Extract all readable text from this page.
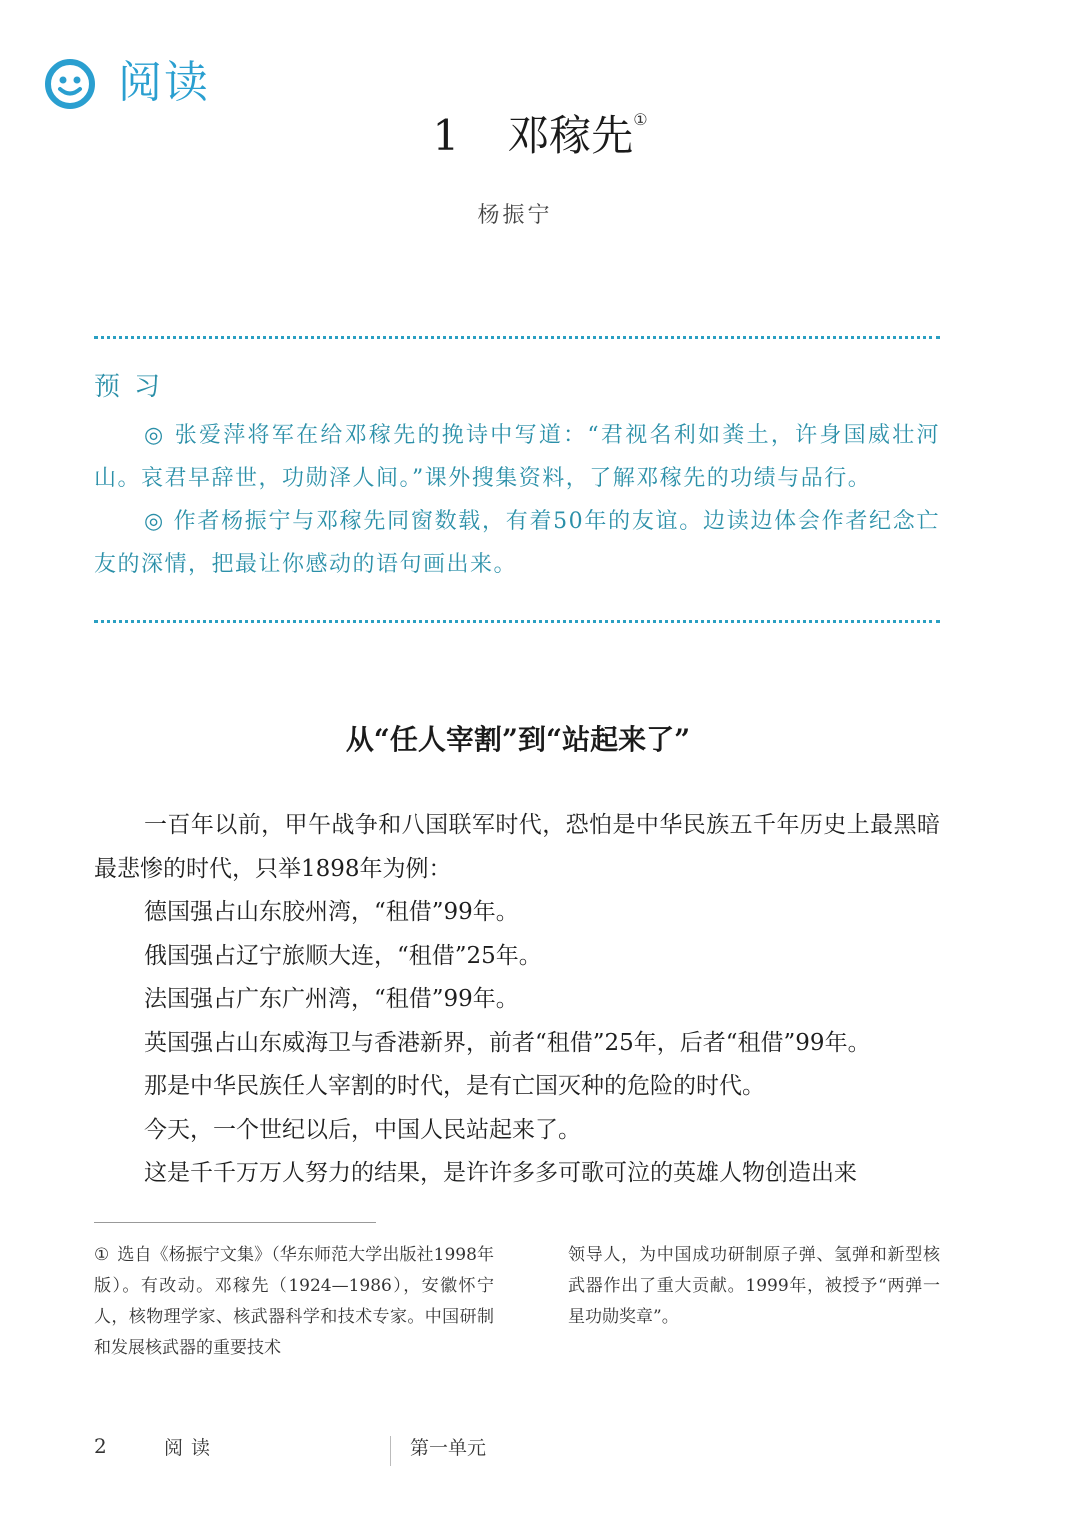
阅读
1 邓稼先①
杨振宁
预习
◎ 张爱萍将军在给邓稼先的挽诗中写道：“君视名利如粪土，许身国威壮河山。哀君早辞世，功勋泽人间。”课外搜集资料，了解邓稼先的功绩与品行。
◎ 作者杨振宁与邓稼先同窗数载，有着50年的友谊。边读边体会作者纪念亡友的深情，把最让你感动的语句画出来。
从“任人宰割”到“站起来了”

一百年以前，甲午战争和八国联军时代，恐怕是中华民族五千年历史上最黑暗最悲惨的时代，只举1898年为例：

德国强占山东胶州湾，“租借”99年。

俄国强占辽宁旅顺大连，“租借”25年。

法国强占广东广州湾，“租借”99年。

英国强占山东威海卫与香港新界，前者“租借”25年，后者“租借”99年。

那是中华民族任人宰割的时代，是有亡国灭种的危险的时代。

今天，一个世纪以后，中国人民站起来了。

这是千千万万人努力的结果，是许许多多可歌可泣的英雄人物创造出来

① 选自《杨振宁文集》（华东师范大学出版社1998年版）。有改动。邓稼先（1924—1986），安徽怀宁人，核物理学家、核武器科学和技术专家。中国研制和发展核武器的重要技术
领导人，为中国成功研制原子弹、氢弹和新型核武器作出了重大贡献。1999年，被授予“两弹一星功勋奖章”。
2	阅读	第一单元
